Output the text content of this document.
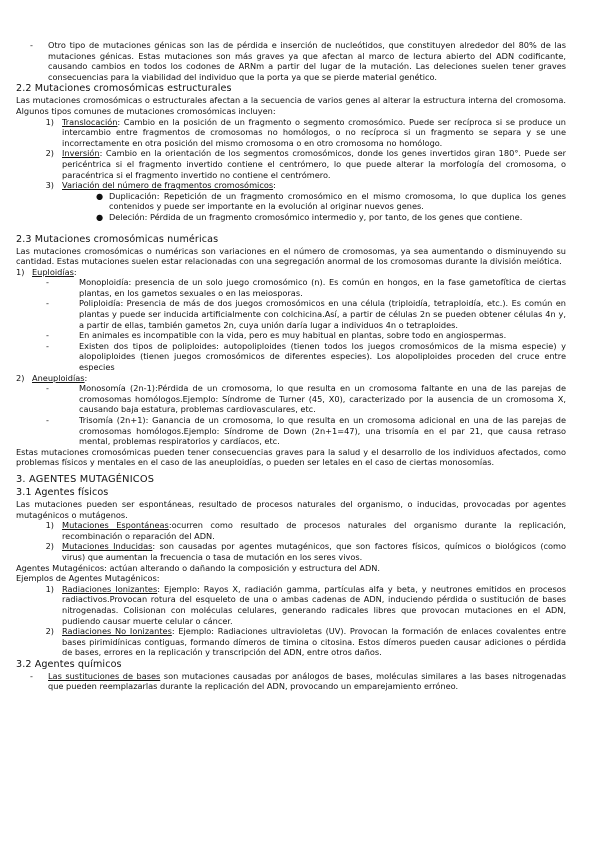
-	Otro tipo de mutaciones génicas son las de pérdida e inserción de nucleótidos, que constituyen alrededor del 80% de las mutaciones génicas. Estas mutaciones son más graves ya que afectan al marco de lectura abierto del ADN codificante, causando cambios en todos los codones de ARNm a partir del lugar de la mutación. Las deleciones suelen tener graves consecuencias para la viabilidad del individuo que la porta ya que se pierde material genético.
2.2 Mutaciones cromosómicas estructurales

Las mutaciones cromosómicas o estructurales afectan a la secuencia de varios genes al alterar la estructura interna del cromosoma. Algunos tipos comunes de mutaciones cromosómicas incluyen:

1) Translocación: Cambio en la posición de un fragmento o segmento cromosómico. Puede ser recíproca si se produce un intercambio entre fragmentos de cromosomas no homólogos, o no recíproca si un fragmento se separa y se une incorrectamente en otra posición del mismo cromosoma o en otro cromosoma no homólogo.
2) Inversión: Cambio en la orientación de los segmentos cromosómicos, donde los genes invertidos giran 180°. Puede ser pericéntrica si el fragmento invertido contiene el centrómero, lo que puede alterar la morfología del cromosoma, o paracéntrica si el fragmento invertido no contiene el centrómero.
3) Variación del número de fragmentos cromosómicos:
● Duplicación: Repetición de un fragmento cromosómico en el mismo cromosoma, lo que duplica los genes contenidos y puede ser importante en la evolución al originar nuevos genes.
● Deleción: Pérdida de un fragmento cromosómico intermedio y, por tanto, de los genes que contiene.
2.3 Mutaciones cromosómicas numéricas

Las mutaciones cromosómicas o numéricas son variaciones en el número de cromosomas, ya sea aumentando o disminuyendo su cantidad. Estas mutaciones suelen estar relacionadas con una segregación anormal de los cromosomas durante la división meiótica.

1) Euploidías:
-	Monoploidía: presencia de un solo juego cromosómico (n). Es común en hongos, en la fase gametofítica de ciertas plantas, en los gametos sexuales o en las meiosporas.
-	Poliploidía: Presencia de más de dos juegos cromosómicos en una célula (triploidía, tetraploidía, etc.). Es común en plantas y puede ser inducida artificialmente con colchicina.Así, a partir de células 2n se pueden obtener células 4n y, a partir de ellas, también gametos 2n, cuya unión daría lugar a individuos 4n o tetraploides.
-	En animales es incompatible con la vida, pero es muy habitual en plantas, sobre todo en angiospermas.
-	Existen dos tipos de poliploides: autopoliploides (tienen todos los juegos cromosómicos de la misma especie) y alopoliploides (tienen juegos cromosómicos de diferentes especies). Los alopoliploides proceden del cruce entre especies
2) Aneuploidías:
-	Monosomía (2n-1):Pérdida de un cromosoma, lo que resulta en un cromosoma faltante en una de las parejas de cromosomas homólogos.Ejemplo: Síndrome de Turner (45, X0), caracterizado por la ausencia de un cromosoma X, causando baja estatura, problemas cardiovasculares, etc.
-	Trisomía (2n+1): Ganancia de un cromosoma, lo que resulta en un cromosoma adicional en una de las parejas de cromosomas homólogos.Ejemplo: Síndrome de Down (2n+1=47), una trisomía en el par 21, que causa retraso mental, problemas respiratorios y cardíacos, etc.

Estas mutaciones cromosómicas pueden tener consecuencias graves para la salud y el desarrollo de los individuos afectados, como problemas físicos y mentales en el caso de las aneuploidías, o pueden ser letales en el caso de ciertas monosomías.

3. AGENTES MUTAGÉNICOS
3.1 Agentes físicos

Las mutaciones pueden ser espontáneas, resultado de procesos naturales del organismo, o inducidas, provocadas por agentes mutagénicos o mutágenos.

1) Mutaciones Espontáneas:ocurren como resultado de procesos naturales del organismo durante la replicación, recombinación o reparación del ADN.
2) Mutaciones Inducidas: son causadas por agentes mutagénicos, que son factores físicos, químicos o biológicos (como virus) que aumentan la frecuencia o tasa de mutación en los seres vivos.

Agentes Mutagénicos: actúan alterando o dañando la composición y estructura del ADN.

Ejemplos de Agentes Mutagénicos:

1) Radiaciones Ionizantes: Ejemplo: Rayos X, radiación gamma, partículas alfa y beta, y neutrones emitidos en procesos radiactivos.Provocan rotura del esqueleto de una o ambas cadenas de ADN, induciendo pérdida o sustitución de bases nitrogenadas. Colisionan con moléculas celulares, generando radicales libres que provocan mutaciones en el ADN, pudiendo causar muerte celular o cáncer.
2) Radiaciones No Ionizantes: Ejemplo: Radiaciones ultravioletas (UV). Provocan la formación de enlaces covalentes entre bases pirimidínicas contiguas, formando dímeros de timina o citosina. Estos dímeros pueden causar adiciones o pérdida de bases, errores en la replicación y transcripción del ADN, entre otros daños.
3.2 Agentes químicos
-	Las sustituciones de bases son mutaciones causadas por análogos de bases, moléculas similares a las bases nitrogenadas que pueden reemplazarlas durante la replicación del ADN, provocando un emparejamiento erróneo.
